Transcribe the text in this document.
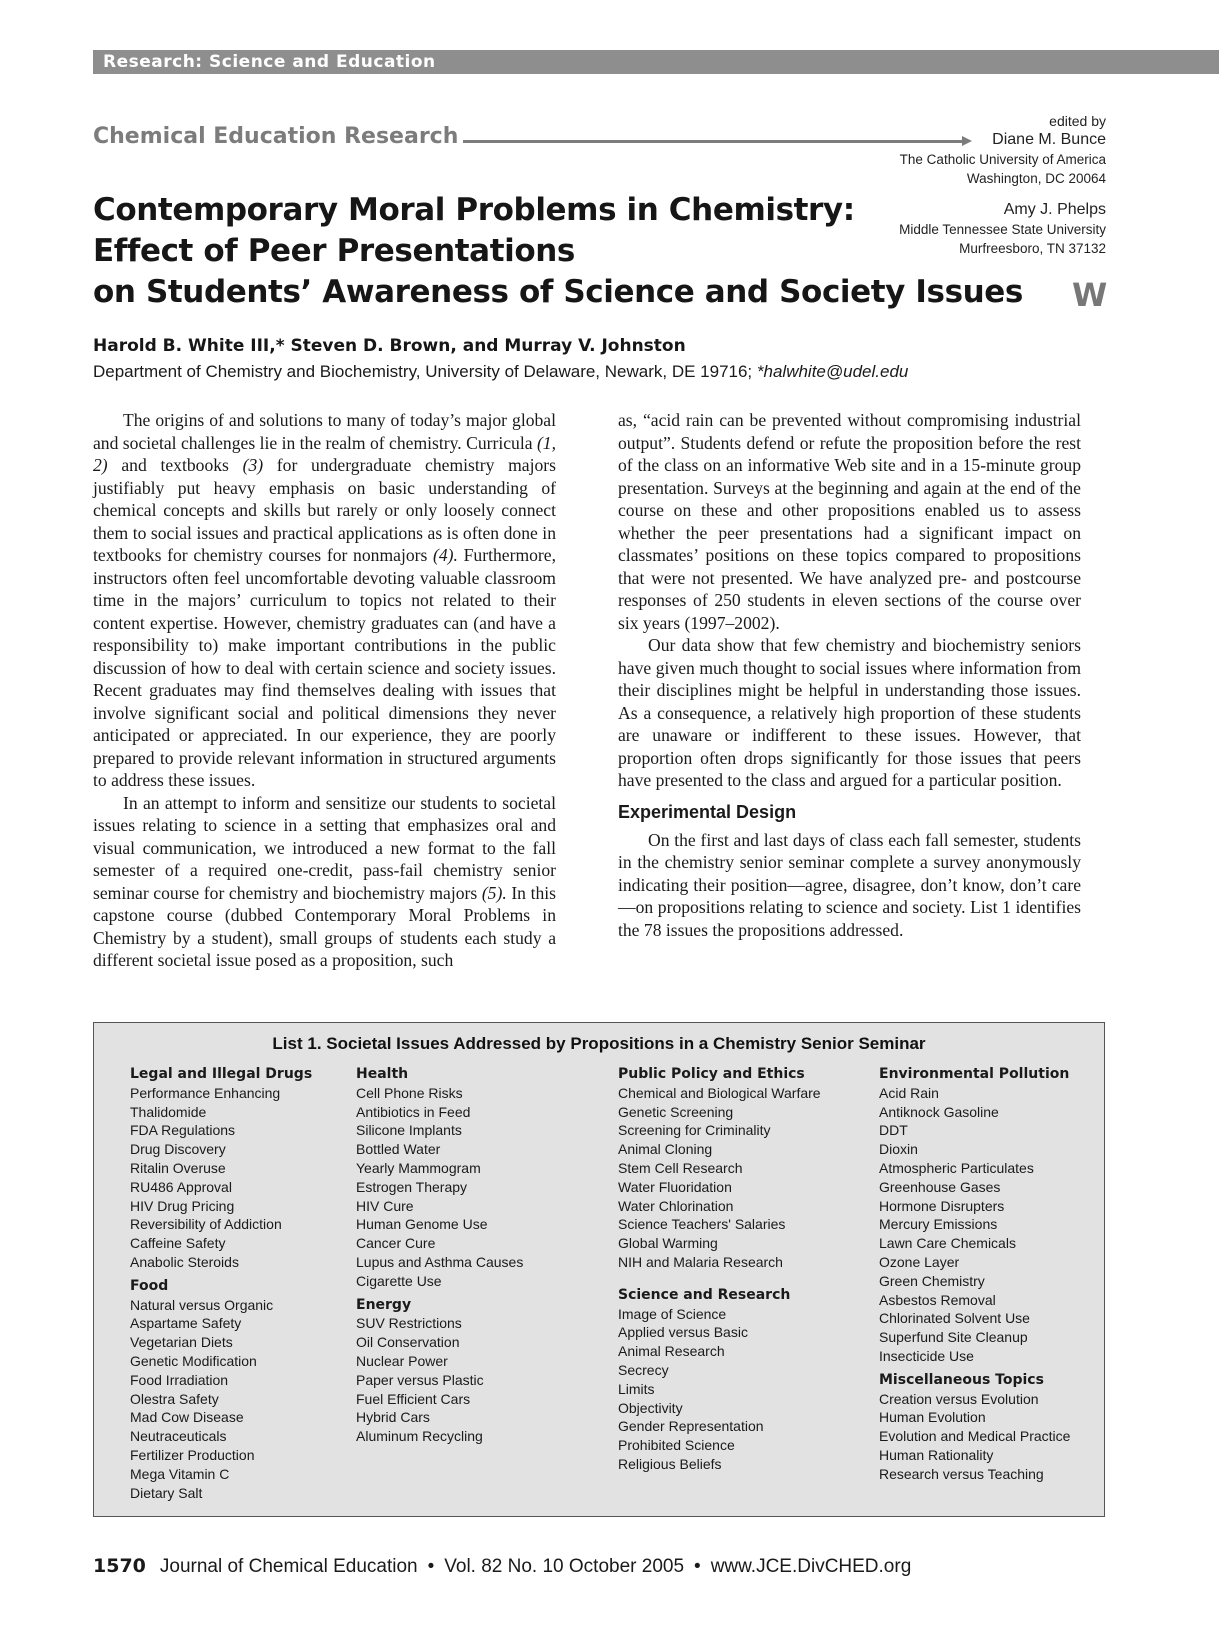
Research: Science and Education
Chemical Education Research
edited by
Diane M. Bunce
The Catholic University of America
Washington, DC 20064
Amy J. Phelps
Middle Tennessee State University
Murfreesboro, TN 37132
Contemporary Moral Problems in Chemistry:
Effect of Peer Presentations
on Students’ Awareness of Science and Society Issues	W
Harold B. White III,* Steven D. Brown, and Murray V. Johnston
Department of Chemistry and Biochemistry, University of Delaware, Newark, DE 19716; *halwhite@udel.edu

The origins of and solutions to many of today’s major global and societal challenges lie in the realm of chemistry. Curricula (1, 2) and textbooks (3) for undergraduate chemistry majors justifiably put heavy emphasis on basic understanding of chemical concepts and skills but rarely or only loosely connect them to social issues and practical applications as is often done in textbooks for chemistry courses for nonmajors (4). Furthermore, instructors often feel uncomfortable devoting valuable classroom time in the majors’ curriculum to topics not related to their content expertise. However, chemistry graduates can (and have a responsibility to) make important contributions in the public discussion of how to deal with certain science and society issues. Recent graduates may find themselves dealing with issues that involve significant social and political dimensions they never anticipated or appreciated. In our experience, they are poorly prepared to provide relevant information in structured arguments to address these issues.

In an attempt to inform and sensitize our students to societal issues relating to science in a setting that emphasizes oral and visual communication, we introduced a new format to the fall semester of a required one-credit, pass-fail chemistry senior seminar course for chemistry and biochemistry majors (5). In this capstone course (dubbed Contemporary Moral Problems in Chemistry by a student), small groups of students each study a different societal issue posed as a proposition, such

as, “acid rain can be prevented without compromising industrial output”. Students defend or refute the proposition before the rest of the class on an informative Web site and in a 15-minute group presentation. Surveys at the beginning and again at the end of the course on these and other propositions enabled us to assess whether the peer presentations had a significant impact on classmates’ positions on these topics compared to propositions that were not presented. We have analyzed pre- and postcourse responses of 250 students in eleven sections of the course over six years (1997–2002).

Our data show that few chemistry and biochemistry seniors have given much thought to social issues where information from their disciplines might be helpful in understanding those issues. As a consequence, a relatively high proportion of these students are unaware or indifferent to these issues. However, that proportion often drops significantly for those issues that peers have presented to the class and argued for a particular position.

Experimental Design

On the first and last days of class each fall semester, students in the chemistry senior seminar complete a survey anonymously indicating their position—agree, disagree, don’t know, don’t care—on propositions relating to science and society. List 1 identifies the 78 issues the propositions addressed.

List 1. Societal Issues Addressed by Propositions in a Chemistry Senior Seminar
Legal and Illegal Drugs
Performance Enhancing
Thalidomide
FDA Regulations
Drug Discovery
Ritalin Overuse
RU486 Approval
HIV Drug Pricing
Reversibility of Addiction
Caffeine Safety
Anabolic Steroids
Food
Natural versus Organic
Aspartame Safety
Vegetarian Diets
Genetic Modification
Food Irradiation
Olestra Safety
Mad Cow Disease
Neutraceuticals
Fertilizer Production
Mega Vitamin C
Dietary Salt
Health
Cell Phone Risks
Antibiotics in Feed
Silicone Implants
Bottled Water
Yearly Mammogram
Estrogen Therapy
HIV Cure
Human Genome Use
Cancer Cure
Lupus and Asthma Causes
Cigarette Use
Energy
SUV Restrictions
Oil Conservation
Nuclear Power
Paper versus Plastic
Fuel Efficient Cars
Hybrid Cars
Aluminum Recycling
Public Policy and Ethics
Chemical and Biological Warfare
Genetic Screening
Screening for Criminality
Animal Cloning
Stem Cell Research
Water Fluoridation
Water Chlorination
Science Teachers' Salaries
Global Warming
NIH and Malaria Research
Science and Research
Image of Science
Applied versus Basic
Animal Research
Secrecy
Limits
Objectivity
Gender Representation
Prohibited Science
Religious Beliefs
Environmental Pollution
Acid Rain
Antiknock Gasoline
DDT
Dioxin
Atmospheric Particulates
Greenhouse Gases
Hormone Disrupters
Mercury Emissions
Lawn Care Chemicals
Ozone Layer
Green Chemistry
Asbestos Removal
Chlorinated Solvent Use
Superfund Site Cleanup
Insecticide Use
Miscellaneous Topics
Creation versus Evolution
Human Evolution
Evolution and Medical Practice
Human Rationality
Research versus Teaching
1570 Journal of Chemical Education • Vol. 82 No. 10 October 2005 • www.JCE.DivCHED.org
